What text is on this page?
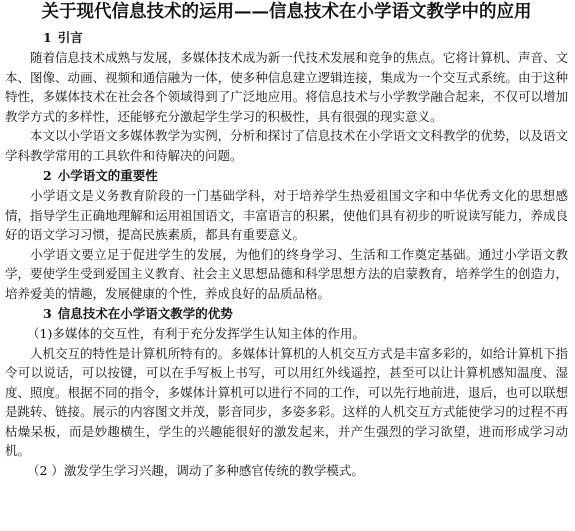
关于现代信息技术的运用——信息技术在小学语文教学中的应用
1 引言

随着信息技术成熟与发展，多媒体技术成为新一代技术发展和竞争的焦点。它将计算机、声音、文本、图像、动画、视频和通信融为一体，使多种信息建立逻辑连接，集成为一个交互式系统。由于这种特性，多媒体技术在社会各个领域得到了广泛地应用。将信息技术与小学教学融合起来，不仅可以增加教学方式的多样性，还能够充分激起学生学习的积极性，具有很强的现实意义。

本文以小学语文多媒体教学为实例，分析和探讨了信息技术在小学语文文科教学的优势，以及语文学科教学常用的工具软件和待解决的问题。

2 小学语文的重要性

小学语文是义务教育阶段的一门基础学科，对于培养学生热爱祖国文字和中华优秀文化的思想感情，指导学生正确地理解和运用祖国语文，丰富语言的积累，使他们具有初步的听说读写能力，养成良好的语文学习习惯，提高民族素质，都具有重要意义。

小学语文要立足于促进学生的发展，为他们的终身学习、生活和工作奠定基础。通过小学语文教学，要使学生受到爱国主义教育、社会主义思想品德和科学思想方法的启蒙教育，培养学生的创造力，培养爱美的情趣，发展健康的个性，养成良好的品质品格。

3 信息技术在小学语文教学的优势

（1)多媒体的交互性，有利于充分发挥学生认知主体的作用。

人机交互的特性是计算机所特有的。多媒体计算机的人机交互方式是丰富多彩的，如给计算机下指令可以说话，可以按键，可以在手写板上书写，可以用红外线遥控，甚至可以让计算机感知温度、湿度、照度。根据不同的指令，多媒体计算机可以进行不同的工作，可以先行地前进，退后，也可以联想是跳转、链接。展示的内容图文并茂，影音同步，多姿多彩。这样的人机交互方式能使学习的过程不再枯燥呆板，而是妙趣横生，学生的兴趣能很好的激发起来，并产生强烈的学习欲望，进而形成学习动机。

（2 ）激发学生学习兴趣，调动了多种感官传统的教学模式。
